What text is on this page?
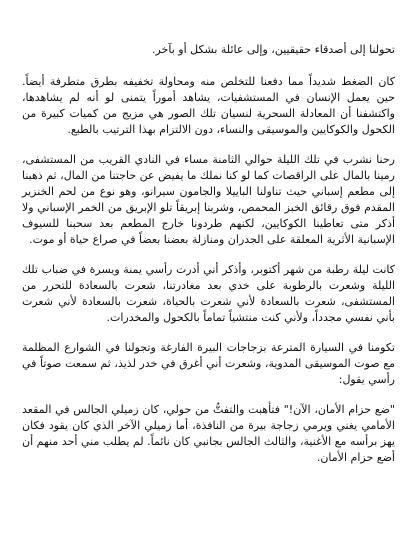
تحولنا إلى أصدقاء حقيقيين، وإلى عائلة بشكل أو بآخر.

كان الضغط شديداً مما دفعنا للتخلص منه ومحاولة تخفيفه بطرق متطرفة أيضاً. حين يعمل الإنسان في المستشفيات، يشاهد أموراً يتمنى لو أنه لم يشاهدها، واكتشفنا أن المعادلة السحرية لنسيان تلك الصور هي مزيج من كميات كبيرة من الكحول والكوكايين والموسيقى والنساء، دون الالتزام بهذا الترتيب بالطبع.

رحنا نشرب في تلك الليلة حوالي الثامنة مساء في النادي القريب من المستشفى، رمينا بالمال على الراقصات كما لو كنا نملك ما يفيض عن حاجتنا من المال، ثم ذهبنا إلى مطعم إسباني حيث تناولنا الباييلا والجامون سيرانو، وهو نوع من لحم الخنزير المقدم فوق رقائق الخبز المحمص، وشربنا إبريقاً تلو الإبريق من الخمر الإسباني ولا أذكر متى تعاطينا الكوكايين، لكنهم طردونا خارج المطعم بعد سحبنا للسيوف الإسبانية الأثرية المعلقة على الجدران ومنازلة بعضنا بعضاً في صراع حياة أو موت.

كانت ليلة رطبة من شهر أكتوبر، وأذكر أني أدرت رأسي يمنة ويسرة في ضباب تلك الليلة وشعرت بالرطوبة على خدي بعد مغادرتنا، شعرت بالسعادة للتحرر من المستشفى، شعرت بالسعادة لأني شعرت بالحياة، شعرت بالسعادة لأني شعرت بأني نفسي مجدداً، ولأني كنت منتشياً تماماً بالكحول والمخدرات.

تكومنا في السيارة المترعة بزجاجات البيرة الفارغة وتجولنا في الشوارع المظلمة مع صوت الموسيقى المدوية، وشعرت أني أغرق في خدر لذيذ، ثم سمعت صوتاً في رأسي يقول:

"ضع حزام الأمان، الآن!" فتأهبت والتفتُّ من حولي، كان زميلي الجالس في المقعد الأمامي يغني ويرمي زجاجة بيرة من النافذة، أما زميلي الآخر الذي كان يقود فكان يهز برأسه مع الأغنية، والثالث الجالس بجانبي كان نائماً. لم يطلب مني أحد منهم أن أضع حزام الأمان.
